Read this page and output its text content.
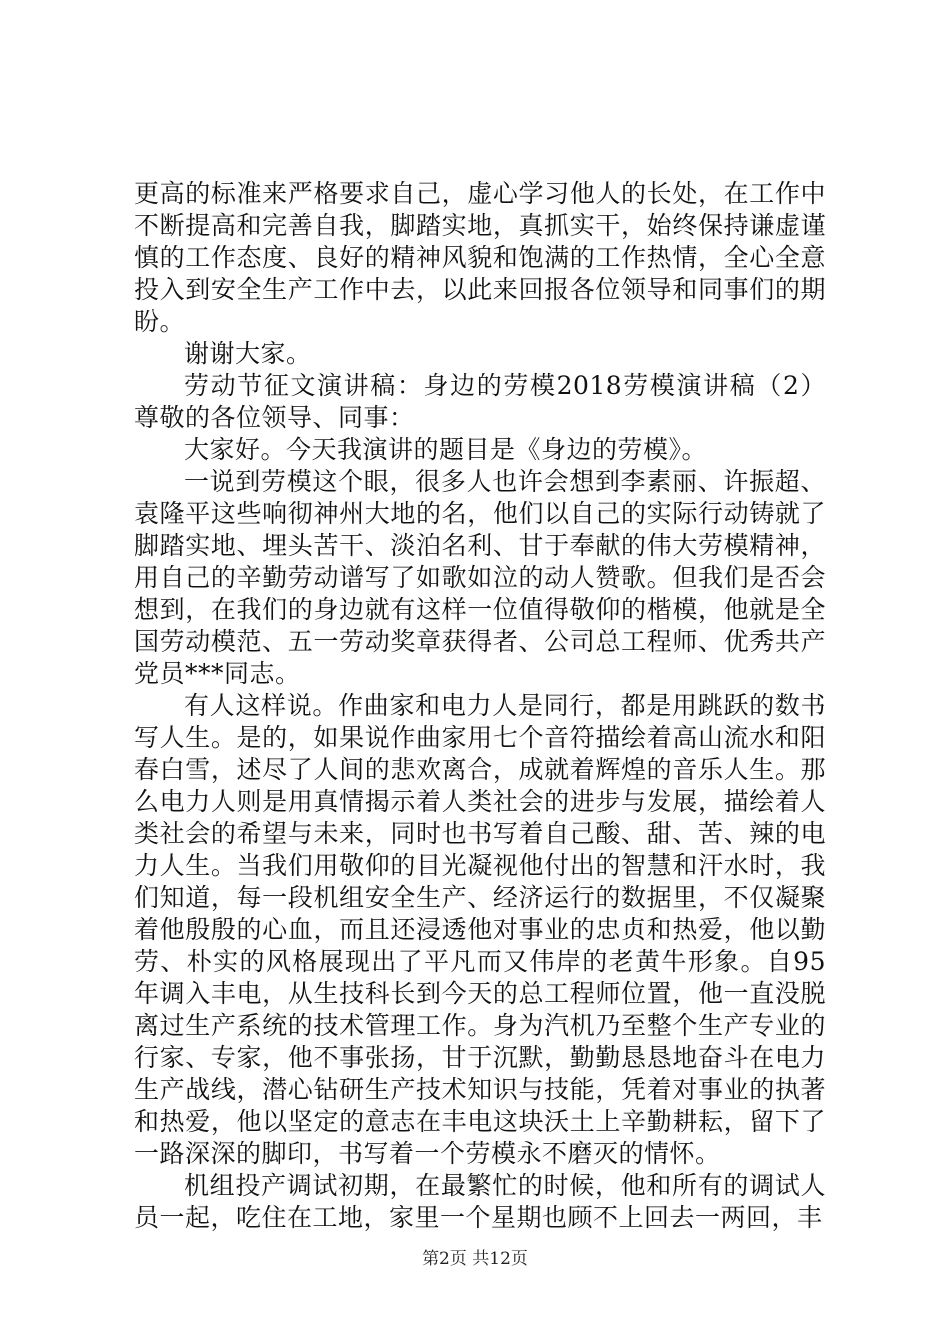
更高的标准来严格要求自己，虚心学习他人的长处，在工作中不断提高和完善自我，脚踏实地，真抓实干，始终保持谦虚谨慎的工作态度、良好的精神风貌和饱满的工作热情，全心全意投入到安全生产工作中去，以此来回报各位领导和同事们的期盼。

谢谢大家。

劳动节征文演讲稿：身边的劳模2018劳模演讲稿（2）尊敬的各位领导、同事：

大家好。今天我演讲的题目是《身边的劳模》。

一说到劳模这个眼，很多人也许会想到李素丽、许振超、袁隆平这些响彻神州大地的名，他们以自己的实际行动铸就了脚踏实地、埋头苦干、淡泊名利、甘于奉献的伟大劳模精神，用自己的辛勤劳动谱写了如歌如泣的动人赞歌。但我们是否会想到，在我们的身边就有这样一位值得敬仰的楷模，他就是全国劳动模范、五一劳动奖章获得者、公司总工程师、优秀共产党员***同志。

有人这样说。作曲家和电力人是同行，都是用跳跃的数书写人生。是的，如果说作曲家用七个音符描绘着高山流水和阳春白雪，述尽了人间的悲欢离合，成就着辉煌的音乐人生。那么电力人则是用真情揭示着人类社会的进步与发展，描绘着人类社会的希望与未来，同时也书写着自己酸、甜、苦、辣的电力人生。当我们用敬仰的目光凝视他付出的智慧和汗水时，我们知道，每一段机组安全生产、经济运行的数据里，不仅凝聚着他殷殷的心血，而且还浸透他对事业的忠贞和热爱，他以勤劳、朴实的风格展现出了平凡而又伟岸的老黄牛形象。自95年调入丰电，从生技科长到今天的总工程师位置，他一直没脱离过生产系统的技术管理工作。身为汽机乃至整个生产专业的行家、专家，他不事张扬，甘于沉默，勤勤恳恳地奋斗在电力生产战线，潜心钻研生产技术知识与技能，凭着对事业的执著和热爱，他以坚定的意志在丰电这块沃土上辛勤耕耘，留下了一路深深的脚印，书写着一个劳模永不磨灭的情怀。

机组投产调试初期，在最繁忙的时候，他和所有的调试人员一起，吃住在工地，家里一个星期也顾不上回去一两回，丰

第2页 共12页
